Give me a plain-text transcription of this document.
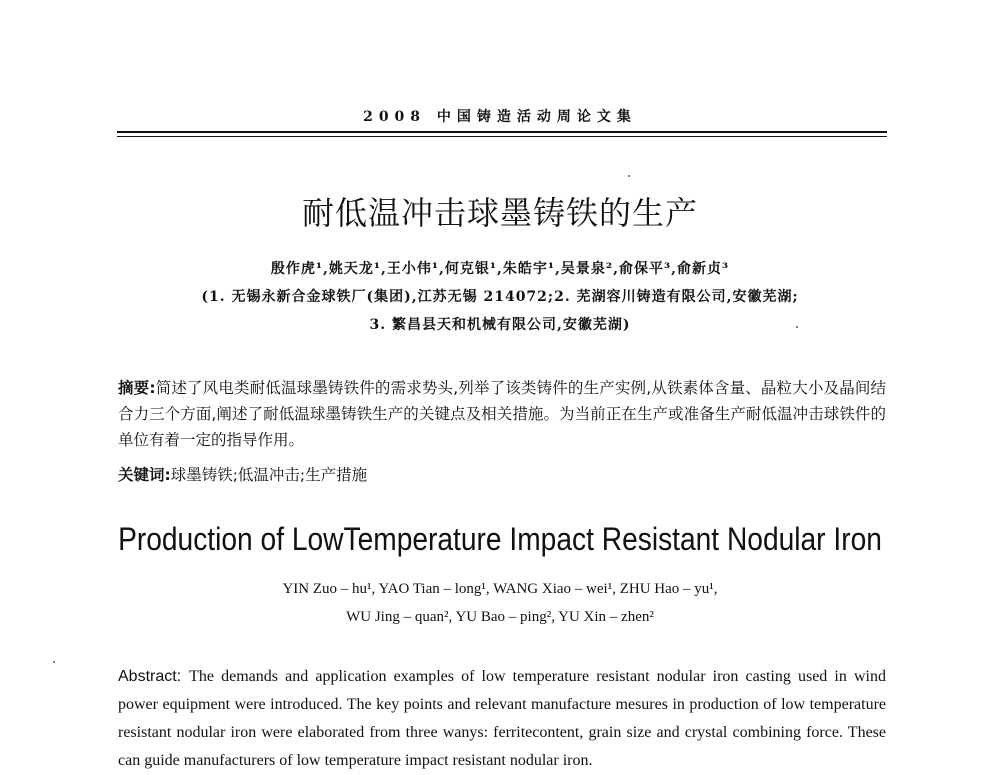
2008 中国铸造活动周论文集
耐低温冲击球墨铸铁的生产
殷作虎¹,姚天龙¹,王小伟¹,何克银¹,朱皓宇¹,吴景泉²,俞保平³,俞新贞³
(1. 无锡永新合金球铁厂(集团),江苏无锡 214072;2. 芜湖容川铸造有限公司,安徽芜湖;
3. 繁昌县天和机械有限公司,安徽芜湖)
摘要:简述了风电类耐低温球墨铸铁件的需求势头,列举了该类铸件的生产实例,从铁素体含量、晶粒大小及晶间结合力三个方面,阐述了耐低温球墨铸铁生产的关键点及相关措施。为当前正在生产或准备生产耐低温冲击球铁件的单位有着一定的指导作用。
关键词:球墨铸铁;低温冲击;生产措施
Production of LowTemperature Impact Resistant Nodular Iron
YIN Zuo – hu¹, YAO Tian – long¹, WANG Xiao – wei¹, ZHU Hao – yu¹,
WU Jing – quan², YU Bao – ping², YU Xin – zhen²
Abstract: The demands and application examples of low temperature resistant nodular iron casting used in wind power equipment were introduced. The key points and relevant manufacture mesures in production of low temperature resistant nodular iron were elaborated from three wanys: ferritecontent, grain size and crystal combining force. These can guide manufacturers of low temperature impact resistant nodular iron.
